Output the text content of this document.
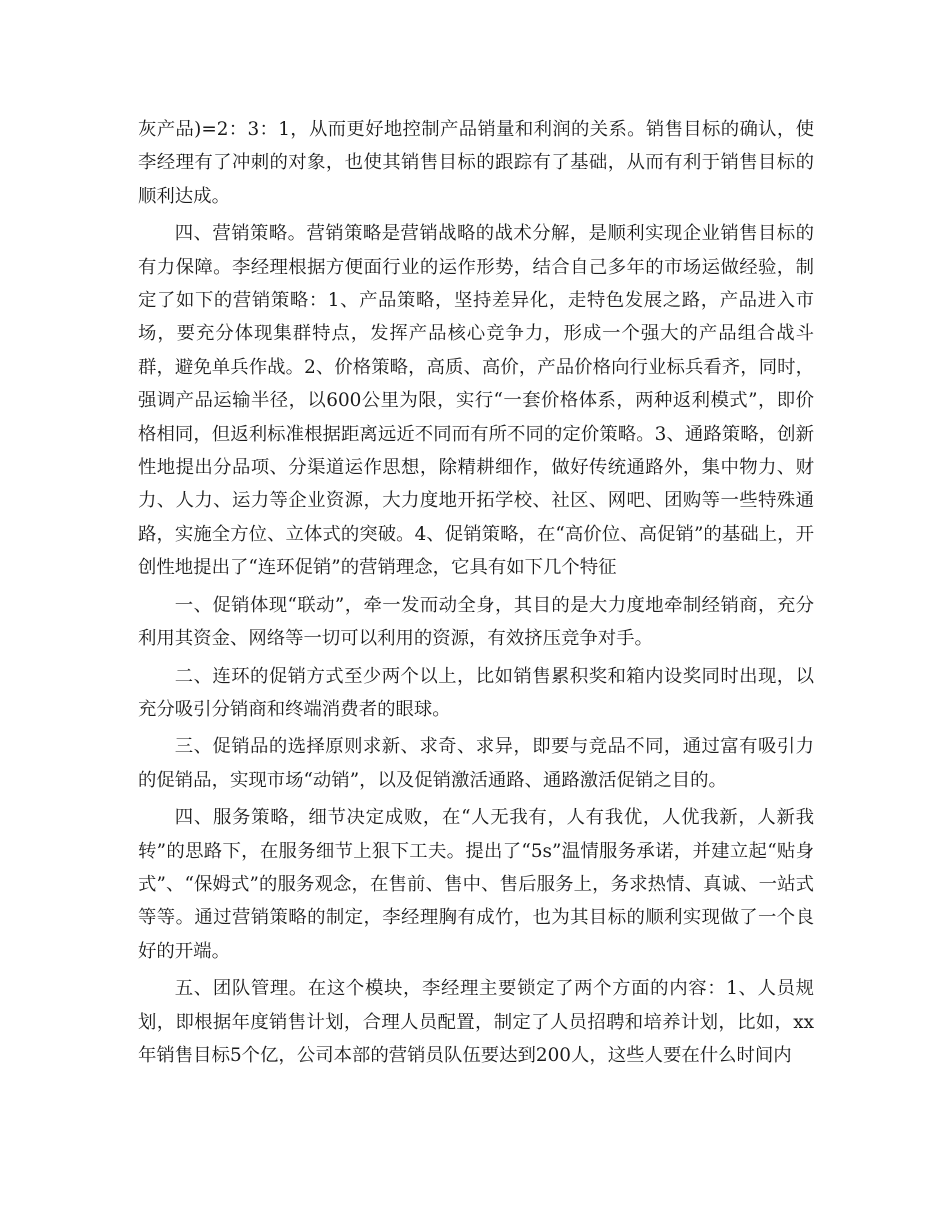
灰产品)=2：3：1，从而更好地控制产品销量和利润的关系。销售目标的确认，使李经理有了冲刺的对象，也使其销售目标的跟踪有了基础，从而有利于销售目标的顺利达成。

四、营销策略。营销策略是营销战略的战术分解，是顺利实现企业销售目标的有力保障。李经理根据方便面行业的运作形势，结合自己多年的市场运做经验，制定了如下的营销策略：1、产品策略，坚持差异化，走特色发展之路，产品进入市场，要充分体现集群特点，发挥产品核心竞争力，形成一个强大的产品组合战斗群，避免单兵作战。2、价格策略，高质、高价，产品价格向行业标兵看齐，同时，强调产品运输半径，以600公里为限，实行“一套价格体系，两种返利模式”，即价格相同，但返利标准根据距离远近不同而有所不同的定价策略。3、通路策略，创新性地提出分品项、分渠道运作思想，除精耕细作，做好传统通路外，集中物力、财力、人力、运力等企业资源，大力度地开拓学校、社区、网吧、团购等一些特殊通路，实施全方位、立体式的突破。4、促销策略，在“高价位、高促销”的基础上，开创性地提出了“连环促销”的营销理念，它具有如下几个特征

一、促销体现“联动”，牵一发而动全身，其目的是大力度地牵制经销商，充分利用其资金、网络等一切可以利用的资源，有效挤压竞争对手。

二、连环的促销方式至少两个以上，比如销售累积奖和箱内设奖同时出现，以充分吸引分销商和终端消费者的眼球。

三、促销品的选择原则求新、求奇、求异，即要与竞品不同，通过富有吸引力的促销品，实现市场“动销”，以及促销激活通路、通路激活促销之目的。

四、服务策略，细节决定成败，在“人无我有，人有我优，人优我新，人新我转”的思路下，在服务细节上狠下工夫。提出了“5s”温情服务承诺，并建立起“贴身式”、“保姆式”的服务观念，在售前、售中、售后服务上，务求热情、真诚、一站式等等。通过营销策略的制定，李经理胸有成竹，也为其目标的顺利实现做了一个良好的开端。

五、团队管理。在这个模块，李经理主要锁定了两个方面的内容：1、人员规划，即根据年度销售计划，合理人员配置，制定了人员招聘和培养计划，比如，xx年销售目标5个亿，公司本部的营销员队伍要达到200人，这些人要在什么时间内
